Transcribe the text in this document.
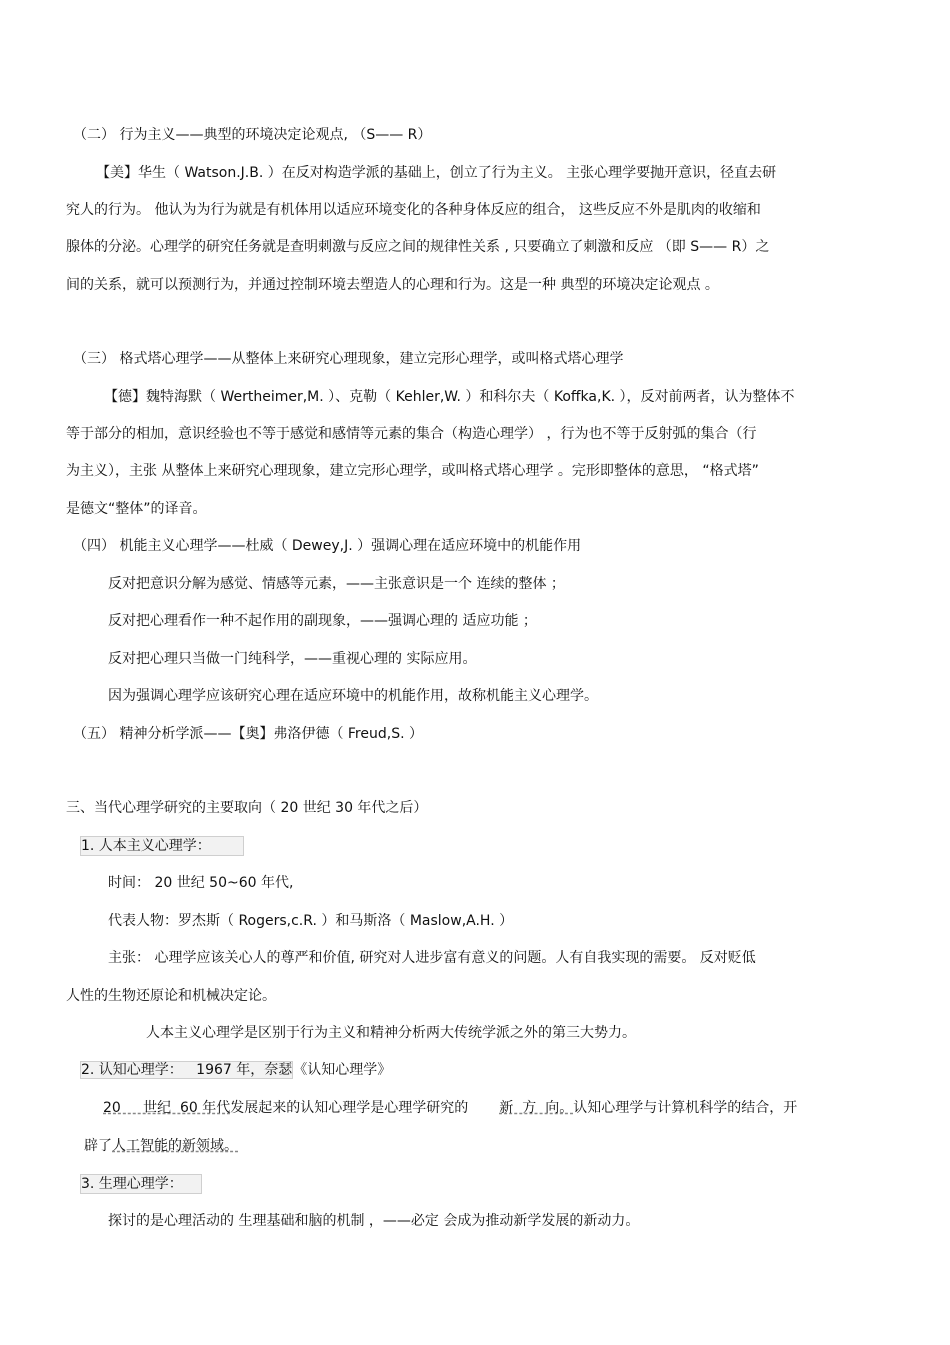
（二） 行为主义——典型的环境决定论观点, （S—— R）
【美】华生（ Watson.J.B. ）在反对构造学派的基础上，创立了行为主义。 主张心理学要抛开意识，径直去研
究人的行为。 他认为为行为就是有机体用以适应环境变化的各种身体反应的组合， 这些反应不外是肌肉的收缩和
腺体的分泌。心理学的研究任务就是查明刺激与反应之间的规律性关系 , 只要确立了刺激和反应 （即 S—— R）之
间的关系，就可以预测行为，并通过控制环境去塑造人的心理和行为。这是一种 典型的环境决定论观点 。
（三） 格式塔心理学——从整体上来研究心理现象，建立完形心理学，或叫格式塔心理学
【德】魏特海默（ Wertheimer,M. ）、克勒（ Kehler,W. ）和科尔夫（ Koffka,K. ），反对前两者，认为整体不
等于部分的相加，意识经验也不等于感觉和感情等元素的集合（构造心理学） ，行为也不等于反射弧的集合（行
为主义），主张 从整体上来研究心理现象，建立完形心理学，或叫格式塔心理学 。完形即整体的意思， “格式塔”
是德文“整体”的译音。
（四） 机能主义心理学——杜威（ Dewey,J. ）强调心理在适应环境中的机能作用
反对把意识分解为感觉、情感等元素，——主张意识是一个 连续的整体 ；
反对把心理看作一种不起作用的副现象，——强调心理的 适应功能 ；
反对把心理只当做一门纯科学，——重视心理的 实际应用。
因为强调心理学应该研究心理在适应环境中的机能作用，故称机能主义心理学。
（五） 精神分析学派——【奥】弗洛伊德（ Freud,S. ）
三、当代心理学研究的主要取向（ 20 世纪 30 年代之后）
1. 人本主义心理学：
时间： 20 世纪 50~60 年代,
代表人物：罗杰斯（ Rogers,c.R. ）和马斯洛（ Maslow,A.H. ）
主张： 心理学应该关心人的尊严和价值, 研究对人进步富有意义的问题。人有自我实现的需要。 反对贬低
人性的生物还原论和机械决定论。
人本主义心理学是区别于行为主义和精神分析两大传统学派之外的第三大势力。
2. 认知心理学：   1967 年，奈瑟《认知心理学》
20     世纪  60 年代发展起来的认知心理学是心理学研究的 新  方  向。认知心理学与计算机科学的结合，开
辟了人工智能的新领域。
3. 生理心理学：
探讨的是心理活动的 生理基础和脑的机制 ，——必定 会成为推动新学发展的新动力。
